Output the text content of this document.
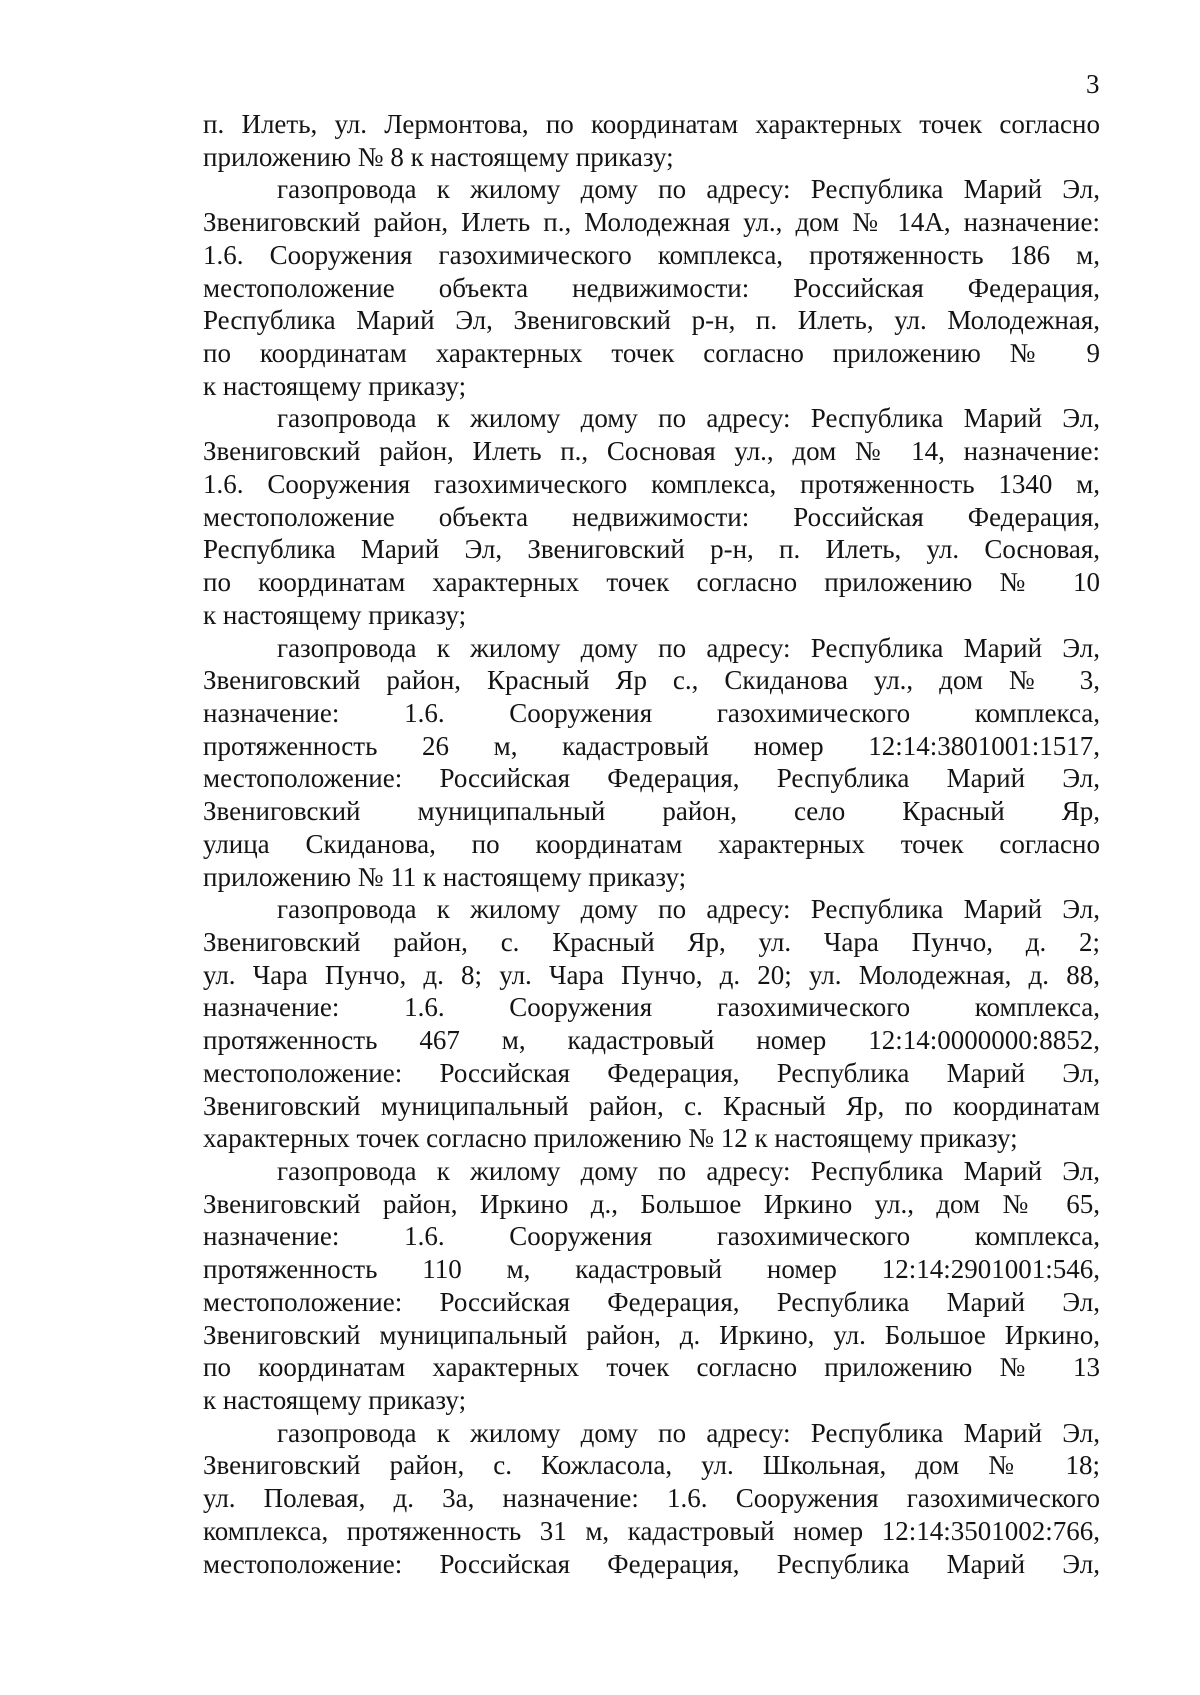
3
п. Илеть, ул. Лермонтова, по координатам характерных точек согласно
приложению № 8 к настоящему приказу;
газопровода к жилому дому по адресу: Республика Марий Эл,
Звениговский район, Илеть п., Молодежная ул., дом № 14А, назначение:
1.6. Сооружения газохимического комплекса, протяженность 186 м,
местоположение объекта недвижимости: Российская Федерация,
Республика Марий Эл, Звениговский р-н, п. Илеть, ул. Молодежная,
по координатам характерных точек согласно приложению № 9
к настоящему приказу;
газопровода к жилому дому по адресу: Республика Марий Эл,
Звениговский район, Илеть п., Сосновая ул., дом № 14, назначение:
1.6. Сооружения газохимического комплекса, протяженность 1340 м,
местоположение объекта недвижимости: Российская Федерация,
Республика Марий Эл, Звениговский р-н, п. Илеть, ул. Сосновая,
по координатам характерных точек согласно приложению № 10
к настоящему приказу;
газопровода к жилому дому по адресу: Республика Марий Эл,
Звениговский район, Красный Яр с., Скиданова ул., дом № 3,
назначение: 1.6. Сооружения газохимического комплекса,
протяженность 26 м, кадастровый номер 12:14:3801001:1517,
местоположение: Российская Федерация, Республика Марий Эл,
Звениговский муниципальный район, село Красный Яр,
улица Скиданова, по координатам характерных точек согласно
приложению № 11 к настоящему приказу;
газопровода к жилому дому по адресу: Республика Марий Эл,
Звениговский район, с. Красный Яр, ул. Чара Пунчо, д. 2;
ул. Чара Пунчо, д. 8; ул. Чара Пунчо, д. 20; ул. Молодежная, д. 88,
назначение: 1.6. Сооружения газохимического комплекса,
протяженность 467 м, кадастровый номер 12:14:0000000:8852,
местоположение: Российская Федерация, Республика Марий Эл,
Звениговский муниципальный район, с. Красный Яр, по координатам
характерных точек согласно приложению № 12 к настоящему приказу;
газопровода к жилому дому по адресу: Республика Марий Эл,
Звениговский район, Иркино д., Большое Иркино ул., дом № 65,
назначение: 1.6. Сооружения газохимического комплекса,
протяженность 110 м, кадастровый номер 12:14:2901001:546,
местоположение: Российская Федерация, Республика Марий Эл,
Звениговский муниципальный район, д. Иркино, ул. Большое Иркино,
по координатам характерных точек согласно приложению № 13
к настоящему приказу;
газопровода к жилому дому по адресу: Республика Марий Эл,
Звениговский район, с. Кожласола, ул. Школьная, дом № 18;
ул. Полевая, д. 3а, назначение: 1.6. Сооружения газохимического
комплекса, протяженность 31 м, кадастровый номер 12:14:3501002:766,
местоположение: Российская Федерация, Республика Марий Эл,
